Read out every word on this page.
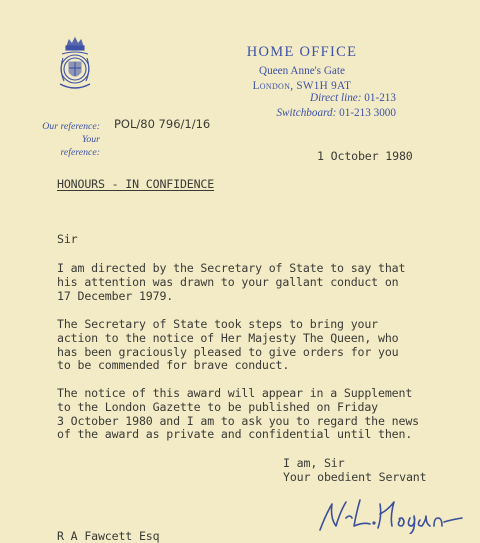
HOME OFFICE
Queen Anne's Gate
London, SW1H 9AT
Direct line: 01-213
Switchboard: 01-213 3000
Our reference:
Your reference:
POL/80 796/1/16
1 October 1980
HONOURS - IN CONFIDENCE
Sir
I am directed by the Secretary of State to say that
his attention was drawn to your gallant conduct on
17 December 1979.
The Secretary of State took steps to bring your
action to the notice of Her Majesty The Queen, who
has been graciously pleased to give orders for you
to be commended for brave conduct.
The notice of this award will appear in a Supplement
to the London Gazette to be published on Friday
3 October 1980 and I am to ask you to regard the news
of the award as private and confidential until then.
I am, Sir
Your obedient Servant
R A Fawcett Esq
